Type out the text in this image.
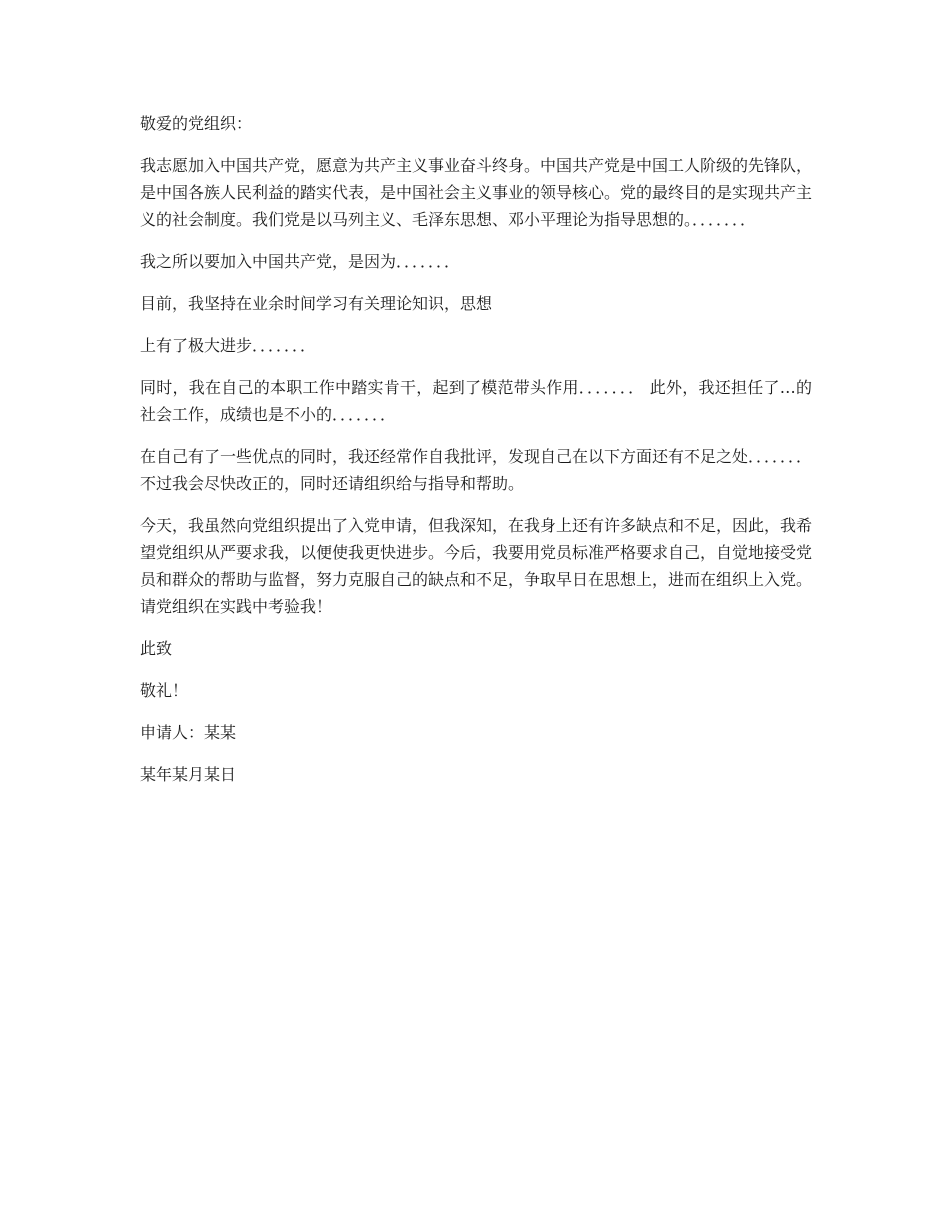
敬爱的党组织：

我志愿加入中国共产党，愿意为共产主义事业奋斗终身。中国共产党是中国工人阶级的先锋队，是中国各族人民利益的踏实代表，是中国社会主义事业的领导核心。党的最终目的是实现共产主义的社会制度。我们党是以马列主义、毛泽东思想、邓小平理论为指导思想的。．．．．．．．

我之所以要加入中国共产党，是因为．．．．．．．

目前，我坚持在业余时间学习有关理论知识，思想

上有了极大进步．．．．．．．

同时，我在自己的本职工作中踏实肯干，起到了模范带头作用．．．．．．． 此外，我还担任了…的社会工作，成绩也是不小的．．．．．．．

在自己有了一些优点的同时，我还经常作自我批评，发现自己在以下方面还有不足之处．．．．．．． 不过我会尽快改正的，同时还请组织给与指导和帮助。

今天，我虽然向党组织提出了入党申请，但我深知，在我身上还有许多缺点和不足，因此，我希望党组织从严要求我，以便使我更快进步。今后，我要用党员标准严格要求自己，自觉地接受党员和群众的帮助与监督，努力克服自己的缺点和不足，争取早日在思想上，进而在组织上入党。请党组织在实践中考验我！

此致

敬礼！

申请人：某某

某年某月某日
